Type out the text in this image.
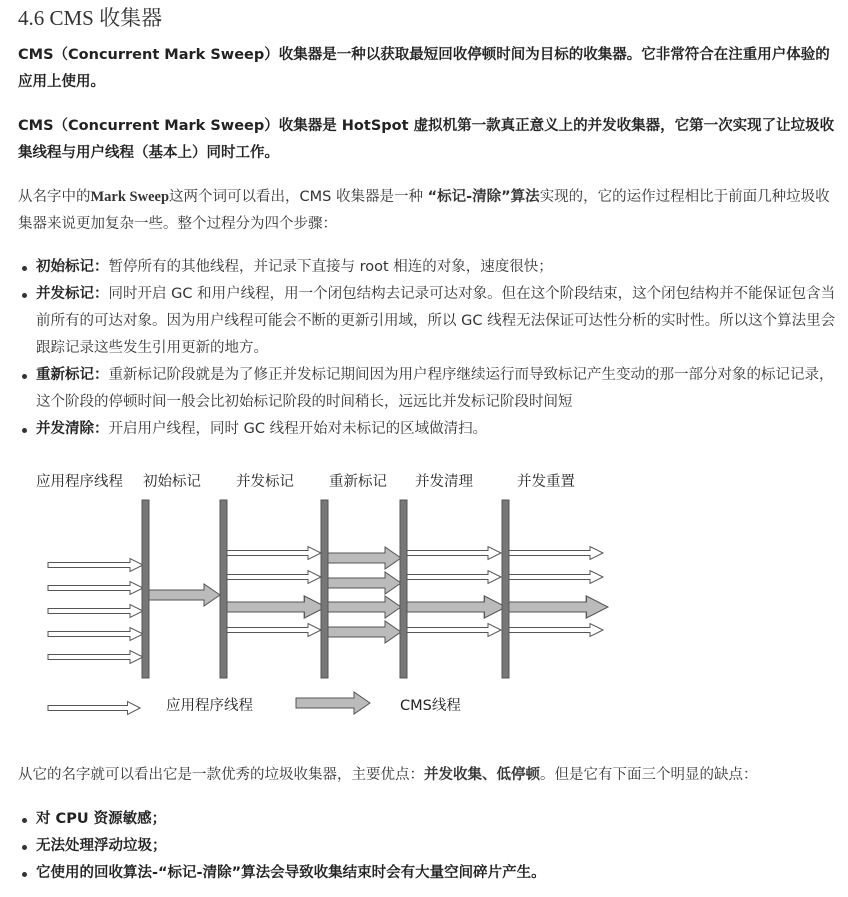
4.6 CMS 收集器
CMS（Concurrent Mark Sweep）收集器是一种以获取最短回收停顿时间为目标的收集器。它非常符合在注重用户体验的应用上使用。
CMS（Concurrent Mark Sweep）收集器是 HotSpot 虚拟机第一款真正意义上的并发收集器，它第一次实现了让垃圾收集线程与用户线程（基本上）同时工作。
从名字中的Mark Sweep这两个词可以看出，CMS 收集器是一种 “标记-清除”算法实现的，它的运作过程相比于前面几种垃圾收集器来说更加复杂一些。整个过程分为四个步骤：
初始标记：暂停所有的其他线程，并记录下直接与 root 相连的对象，速度很快；
并发标记：同时开启 GC 和用户线程，用一个闭包结构去记录可达对象。但在这个阶段结束，这个闭包结构并不能保证包含当前所有的可达对象。因为用户线程可能会不断的更新引用域，所以 GC 线程无法保证可达性分析的实时性。所以这个算法里会跟踪记录这些发生引用更新的地方。
重新标记：重新标记阶段就是为了修正并发标记期间因为用户程序继续运行而导致标记产生变动的那一部分对象的标记记录，这个阶段的停顿时间一般会比初始标记阶段的时间稍长，远远比并发标记阶段时间短
并发清除：开启用户线程，同时 GC 线程开始对未标记的区域做清扫。
从它的名字就可以看出它是一款优秀的垃圾收集器，主要优点：并发收集、低停顿。但是它有下面三个明显的缺点：
对 CPU 资源敏感；
无法处理浮动垃圾；
它使用的回收算法-“标记-清除”算法会导致收集结束时会有大量空间碎片产生。
应用程序线程 初始标记 并发标记 重新标记 并发清理	并发重置
应用程序线程	CMS线程
